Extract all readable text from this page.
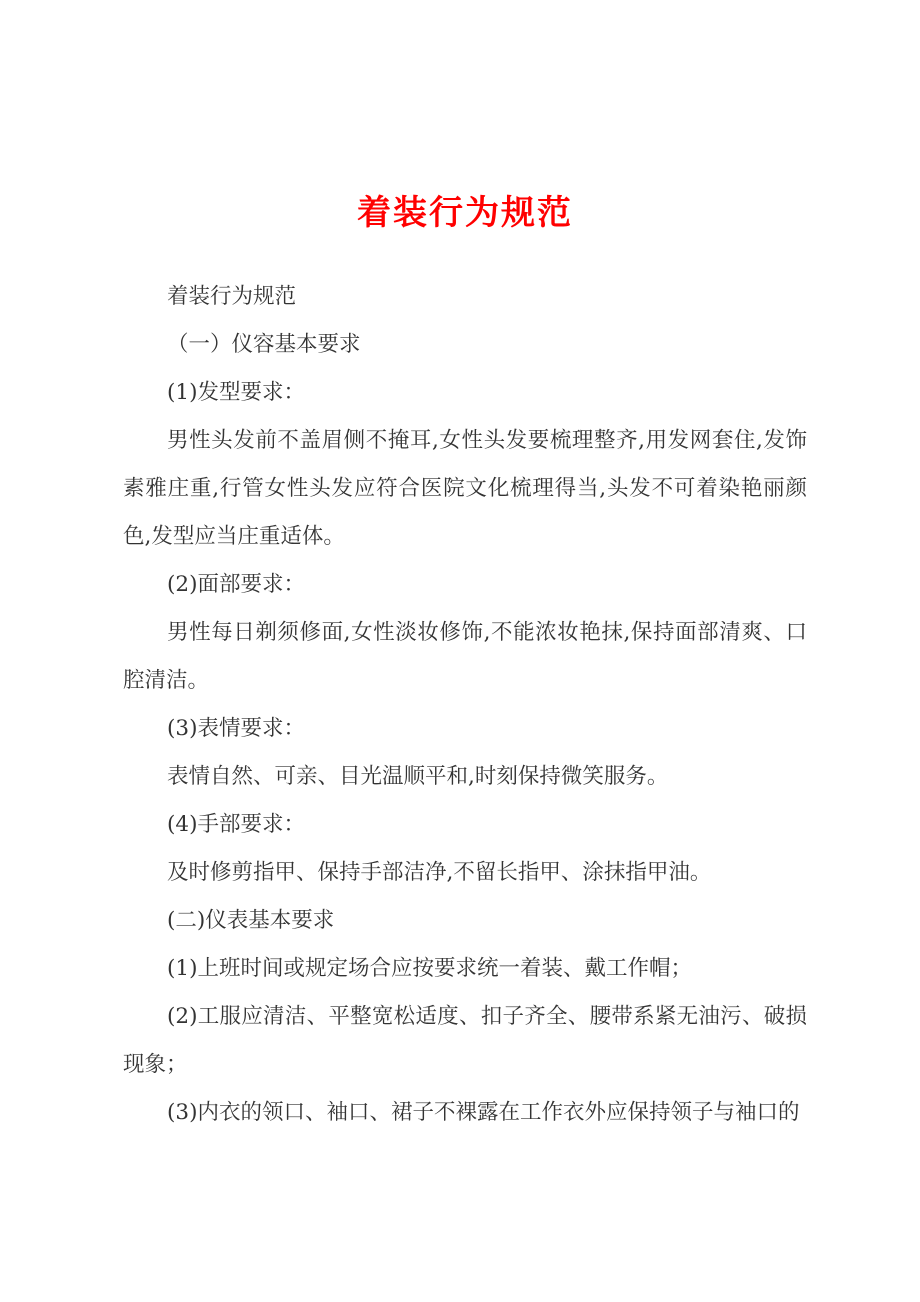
着装行为规范

着装行为规范

（一）仪容基本要求

(1)发型要求：

男性头发前不盖眉侧不掩耳,女性头发要梳理整齐,用发网套住,发饰素雅庄重,行管女性头发应符合医院文化梳理得当,头发不可着染艳丽颜色,发型应当庄重适体。

(2)面部要求：

男性每日剃须修面,女性淡妆修饰,不能浓妆艳抹,保持面部清爽、口腔清洁。

(3)表情要求：

表情自然、可亲、目光温顺平和,时刻保持微笑服务。

(4)手部要求：

及时修剪指甲、保持手部洁净,不留长指甲、涂抹指甲油。

(二)仪表基本要求

(1)上班时间或规定场合应按要求统一着装、戴工作帽；

(2)工服应清洁、平整宽松适度、扣子齐全、腰带系紧无油污、破损现象；

(3)内衣的领口、袖口、裙子不裸露在工作衣外应保持领子与袖口的
